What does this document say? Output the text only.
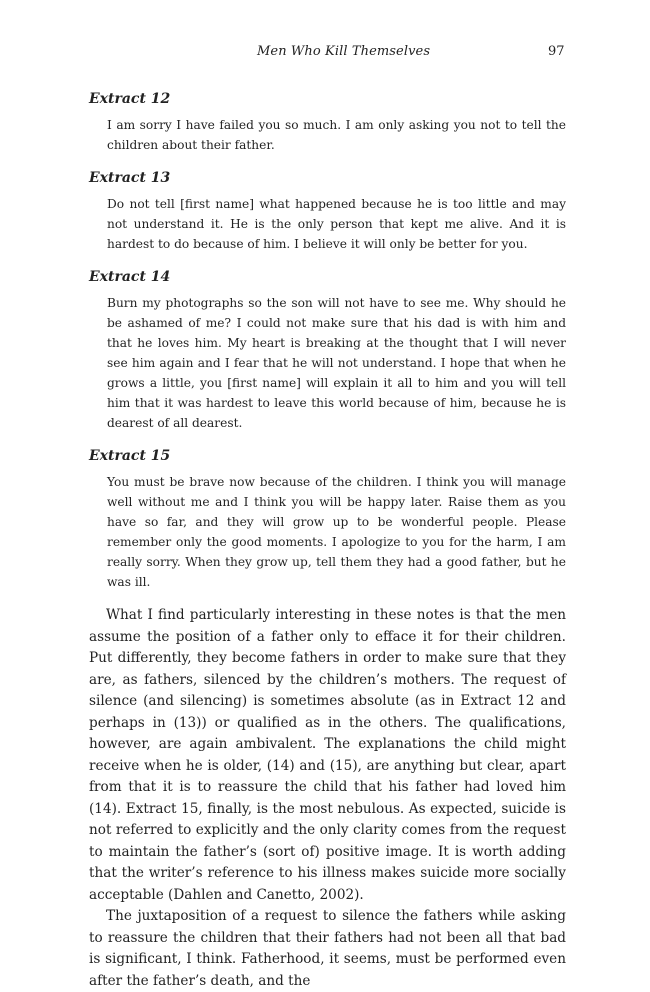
Men Who Kill Themselves	97

Extract 12

I am sorry I have failed you so much. I am only asking you not to tell the children about their father.

Extract 13

Do not tell [first name] what happened because he is too little and may not understand it. He is the only person that kept me alive. And it is hardest to do because of him. I believe it will only be better for you.

Extract 14

Burn my photographs so the son will not have to see me. Why should he be ashamed of me? I could not make sure that his dad is with him and that he loves him. My heart is breaking at the thought that I will never see him again and I fear that he will not understand. I hope that when he grows a little, you [first name] will explain it all to him and you will tell him that it was hardest to leave this world because of him, because he is dearest of all dearest.

Extract 15

You must be brave now because of the children. I think you will manage well without me and I think you will be happy later. Raise them as you have so far, and they will grow up to be wonderful people. Please remember only the good moments. I apologize to you for the harm, I am really sorry. When they grow up, tell them they had a good father, but he was ill.

What I find particularly interesting in these notes is that the men assume the position of a father only to efface it for their children. Put differently, they become fathers in order to make sure that they are, as fathers, silenced by the children’s mothers. The request of silence (and silencing) is sometimes absolute (as in Extract 12 and perhaps in (13)) or qualified as in the others. The qualifications, however, are again ambivalent. The explanations the child might receive when he is older, (14) and (15), are anything but clear, apart from that it is to reassure the child that his father had loved him (14). Extract 15, finally, is the most nebulous. As expected, suicide is not referred to explicitly and the only clarity comes from the request to maintain the father’s (sort of) positive image. It is worth adding that the writer’s reference to his illness makes suicide more socially acceptable (Dahlen and Canetto, 2002).

The juxtaposition of a request to silence the fathers while asking to reassure the children that their fathers had not been all that bad is significant, I think. Fatherhood, it seems, must be performed even after the father’s death, and the
